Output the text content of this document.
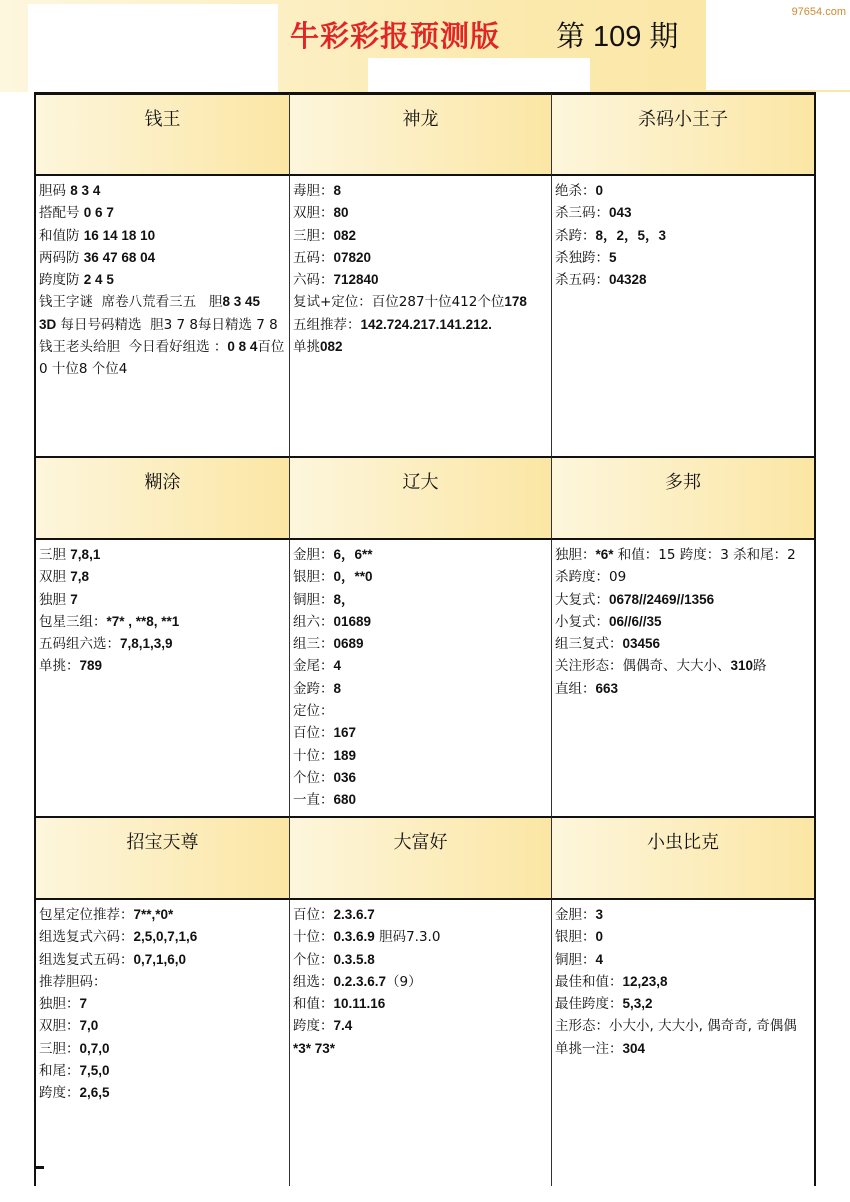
牛彩彩报预测版 第 109 期
97654.com
钱王	神龙	杀码小王子

胆码 8 3 4

搭配号 0 6 7

和值防 16 14 18 10

两码防 36 47 68 04

跨度防 2 4 5

钱王字谜  席卷八荒看三五   胆8 3 45

3D 每日号码精选  胆3 7 8每日精选 7 8

钱王老头给胆  今日看好组选 ：0 8 4百位0 十位8 个位4

毒胆：8

双胆：80

三胆：082

五码：07820

六码：712840

复试+定位：百位287十位412个位178

五组推荐：142.724.217.141.212.

单挑082

绝杀：0

杀三码：043

杀跨：8，2，5，3

杀独跨：5

杀五码：04328

糊涂	辽大	多邦

三胆 7,8,1

双胆 7,8

独胆 7

包星三组：*7* , **8, **1

五码组六选：7,8,1,3,9

单挑：789

金胆：6，6**

银胆：0，**0

铜胆：8，

组六：01689

组三：0689

金尾：4

金跨：8

定位：

百位：167

十位：189

个位：036

一直：680

独胆：*6* 和值：15 跨度：3 杀和尾：2 杀跨度：09

大复式：0678//2469//1356

小复式：06//6//35

组三复式：03456

关注形态：偶偶奇、大大小、310路

直组：663

招宝天尊	大富好	小虫比克

包星定位推荐：7**,*0*

组选复式六码：2,5,0,7,1,6

组选复式五码：0,7,1,6,0

推荐胆码：

独胆：7

双胆：7,0

三胆：0,7,0

和尾：7,5,0

跨度：2,6,5

百位：2.3.6.7

十位：0.3.6.9 胆码7.3.0

个位：0.3.5.8

组选：0.2.3.6.7（9）

和值：10.11.16

跨度：7.4

*3* 73*

金胆：3

银胆：0

铜胆：4

最佳和值：12,23,8

最佳跨度：5,3,2

主形态：小大小, 大大小, 偶奇奇, 奇偶偶

单挑一注：304
